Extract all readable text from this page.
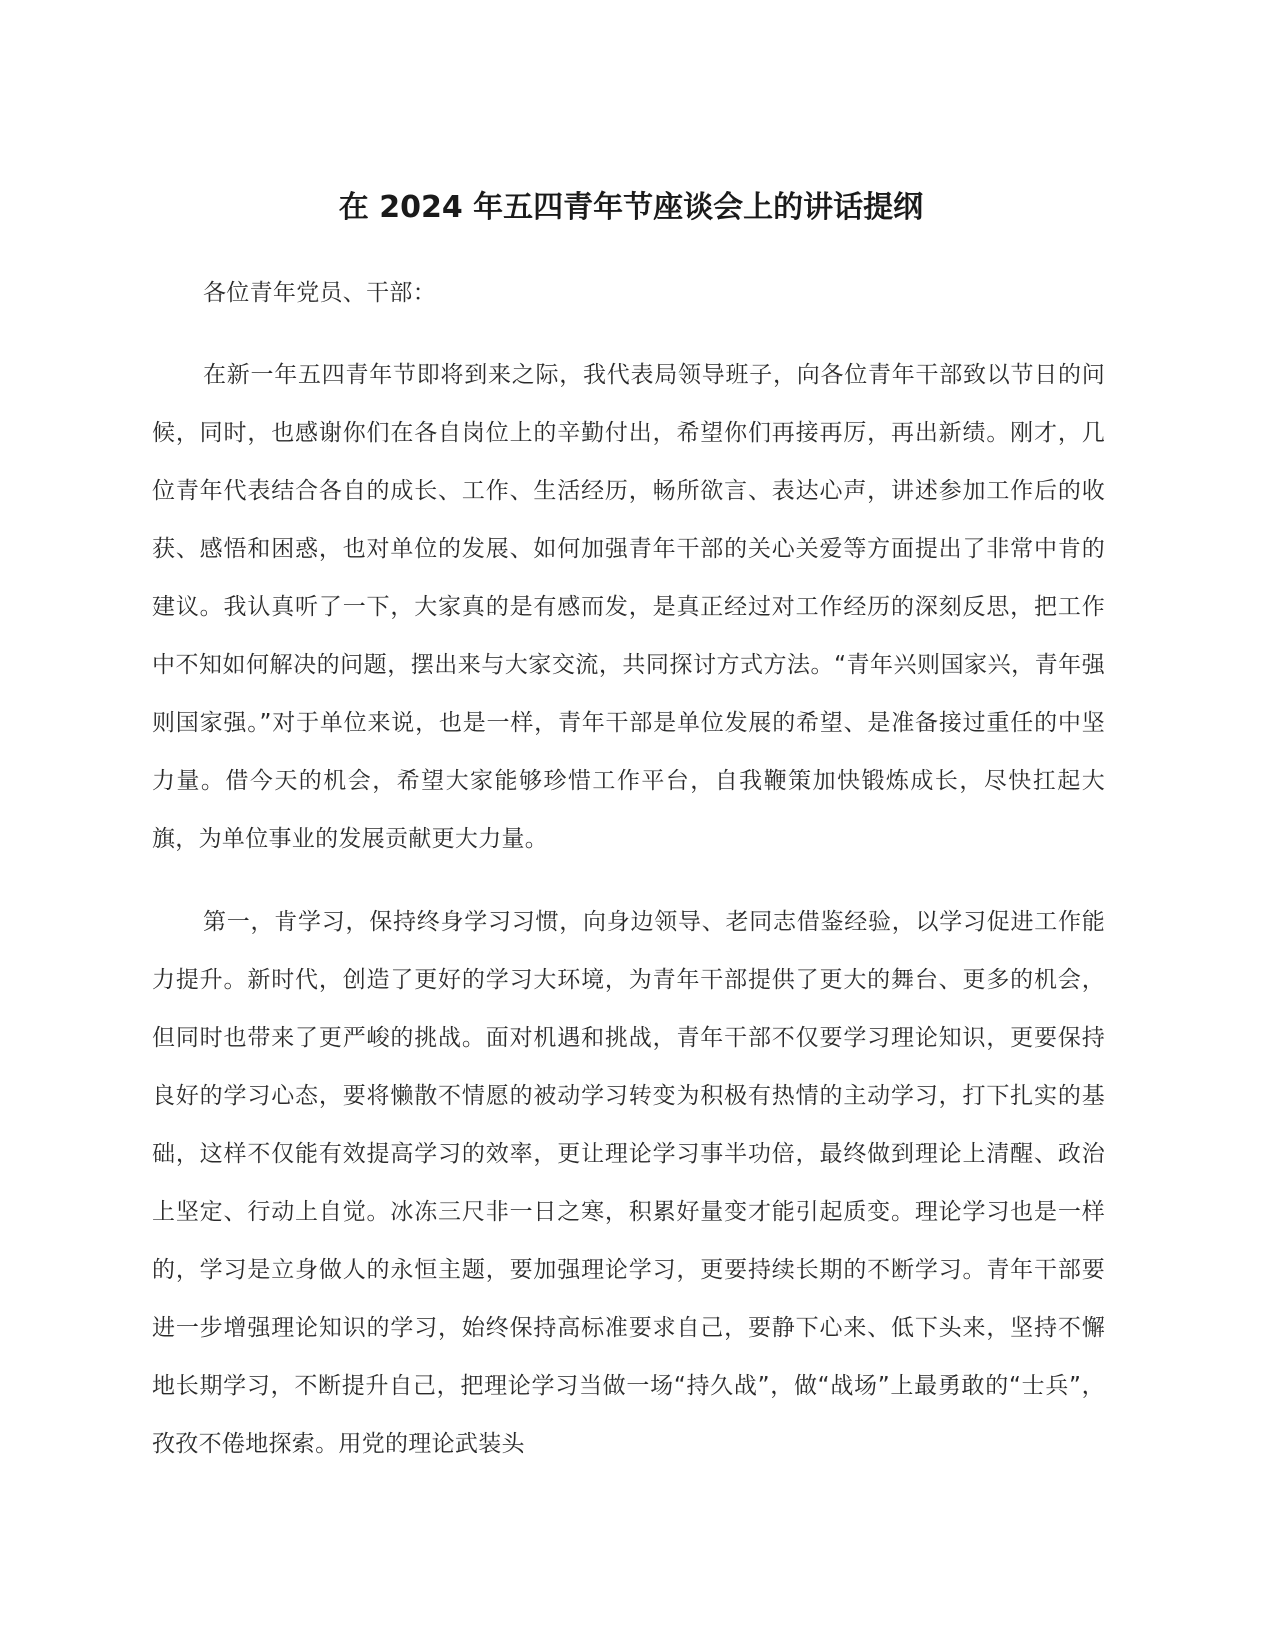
在 2024 年五四青年节座谈会上的讲话提纲
各位青年党员、干部：

在新一年五四青年节即将到来之际，我代表局领导班子，向各位青年干部致以节日的问候，同时，也感谢你们在各自岗位上的辛勤付出，希望你们再接再厉，再出新绩。刚才，几位青年代表结合各自的成长、工作、生活经历，畅所欲言、表达心声，讲述参加工作后的收获、感悟和困惑，也对单位的发展、如何加强青年干部的关心关爱等方面提出了非常中肯的建议。我认真听了一下，大家真的是有感而发，是真正经过对工作经历的深刻反思，把工作中不知如何解决的问题，摆出来与大家交流，共同探讨方式方法。“青年兴则国家兴，青年强则国家强。”对于单位来说，也是一样，青年干部是单位发展的希望、是准备接过重任的中坚力量。借今天的机会，希望大家能够珍惜工作平台，自我鞭策加快锻炼成长，尽快扛起大旗，为单位事业的发展贡献更大力量。

第一，肯学习，保持终身学习习惯，向身边领导、老同志借鉴经验，以学习促进工作能力提升。新时代，创造了更好的学习大环境，为青年干部提供了更大的舞台、更多的机会，但同时也带来了更严峻的挑战。面对机遇和挑战，青年干部不仅要学习理论知识，更要保持良好的学习心态，要将懒散不情愿的被动学习转变为积极有热情的主动学习，打下扎实的基础，这样不仅能有效提高学习的效率，更让理论学习事半功倍，最终做到理论上清醒、政治上坚定、行动上自觉。冰冻三尺非一日之寒，积累好量变才能引起质变。理论学习也是一样的，学习是立身做人的永恒主题，要加强理论学习，更要持续长期的不断学习。青年干部要进一步增强理论知识的学习，始终保持高标准要求自己，要静下心来、低下头来，坚持不懈地长期学习，不断提升自己，把理论学习当做一场“持久战”，做“战场”上最勇敢的“士兵”，孜孜不倦地探索。用党的理论武装头
